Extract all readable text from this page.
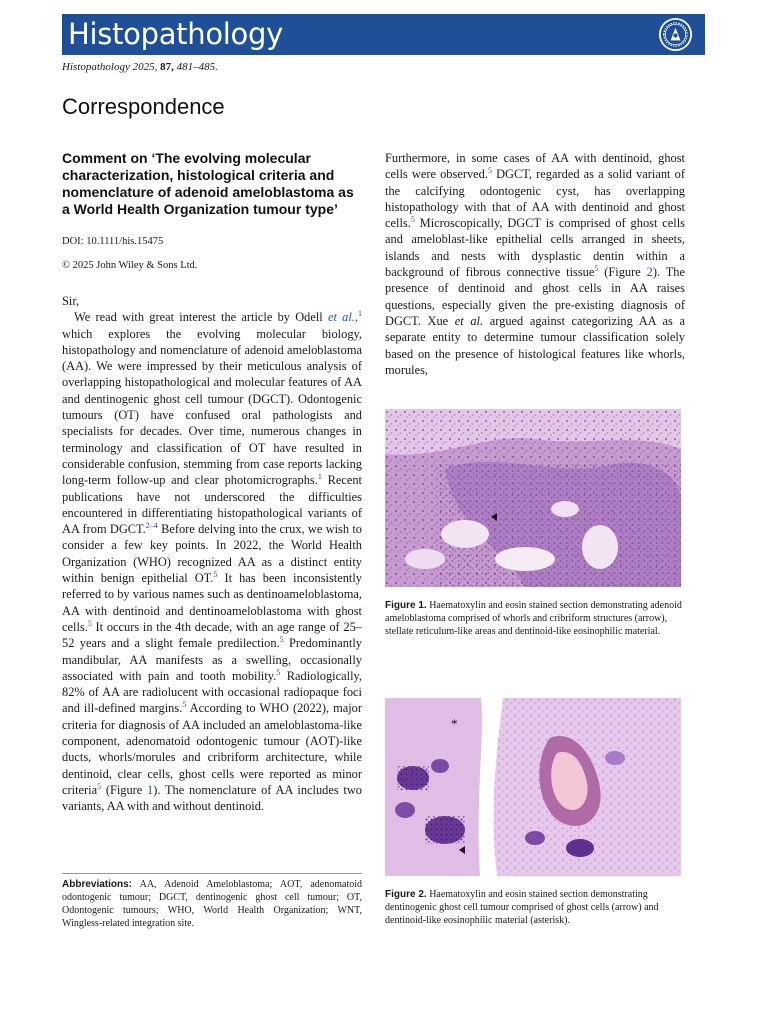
Histopathology
Histopathology 2025, 87, 481–485.
Correspondence
Comment on ‘The evolving molecular characterization, histological criteria and nomenclature of adenoid ameloblastoma as a World Health Organization tumour type’
DOI: 10.1111/his.15475
© 2025 John Wiley & Sons Ltd.
Sir,

We read with great interest the article by Odell et al.,$^1$ which explores the evolving molecular biology, histopathology and nomenclature of adenoid ameloblastoma (AA). We were impressed by their meticulous analysis of overlapping histopathological and molecular features of AA and dentinogenic ghost cell tumour (DGCT). Odontogenic tumours (OT) have confused oral pathologists and specialists for decades. Over time, numerous changes in terminology and classification of OT have resulted in considerable confusion, stemming from case reports lacking long-term follow-up and clear photomicrographs.$^1$ Recent publications have not underscored the difficulties encountered in differentiating histopathological variants of AA from DGCT.$^{2-4}$ Before delving into the crux, we wish to consider a few key points. In 2022, the World Health Organization (WHO) recognized AA as a distinct entity within benign epithelial OT.$^5$ It has been inconsistently referred to by various names such as dentinoameloblastoma, AA with dentinoid and dentinoameloblastoma with ghost cells.$^5$ It occurs in the 4th decade, with an age range of 25–52 years and a slight female predilection.$^5$ Predominantly mandibular, AA manifests as a swelling, occasionally associated with pain and tooth mobility.$^5$ Radiologically, 82% of AA are radiolucent with occasional radiopaque foci and ill-defined margins.$^5$ According to WHO (2022), major criteria for diagnosis of AA included an ameloblastoma-like component, adenomatoid odontogenic tumour (AOT)-like ducts, whorls/morules and cribriform architecture, while dentinoid, clear cells, ghost cells were reported as minor criteria$^5$ (Figure 1). The nomenclature of AA includes two variants, AA with and without dentinoid.

Furthermore, in some cases of AA with dentinoid, ghost cells were observed.$^5$ DGCT, regarded as a solid variant of the calcifying odontogenic cyst, has overlapping histopathology with that of AA with dentinoid and ghost cells.$^5$ Microscopically, DGCT is comprised of ghost cells and ameloblast-like epithelial cells arranged in sheets, islands and nests with dysplastic dentin within a background of fibrous connective tissue$^5$ (Figure 2). The presence of dentinoid and ghost cells in AA raises questions, especially given the pre-existing diagnosis of DGCT. Xue et al. argued against categorizing AA as a separate entity to determine tumour classification solely based on the presence of histological features like whorls, morules,

Figure 1. Haematoxylin and eosin stained section demonstrating adenoid ameloblastoma comprised of whorls and cribriform structures (arrow), stellate reticulum-like areas and dentinoid-like eosinophilic material.
*
Figure 2. Haematoxylin and eosin stained section demonstrating dentinogenic ghost cell tumour comprised of ghost cells (arrow) and dentinoid-like eosinophilic material (asterisk).
Abbreviations: AA, Adenoid Ameloblastoma; AOT, adenomatoid odontogenic tumour; DGCT, dentinogenic ghost cell tumour; OT, Odontogenic tumours; WHO, World Health Organization; WNT, Wingless-related integration site.
